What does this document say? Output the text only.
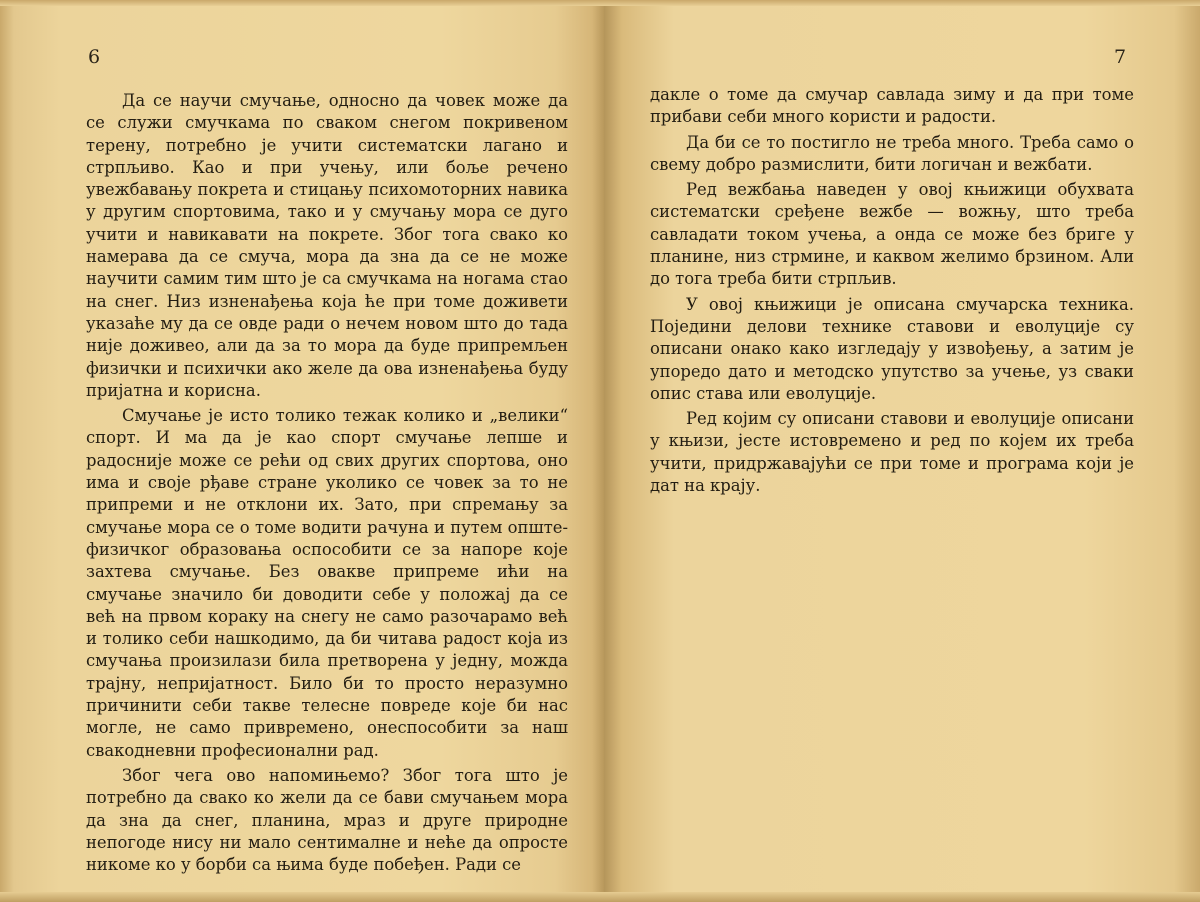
6

Да се научи смучање, односно да човек може да се служи смучкама по сваком снегом покривеном терену, потребно је учити систематски лагано и стрпљиво. Као и при учењу, или боље речено увежбавању покрета и стицању психомоторних навика у другим спортовима, тако и у смучању мора се дуго учити и навикавати на покрете. Због тога свако ко намерава да се смуча, мора да зна да се не може научити самим тим што је са смучкама на ногама стао на снег. Низ изненађења која ће при томе доживети указаће му да се овде ради о нечем новом што до тада није доживео, али да за то мора да буде припремљен физички и психички ако желе да ова изненађења буду пријатна и корисна.

Смучање је исто толико тежак колико и „велики“ спорт. И ма да је као спорт смучање лепше и радосније може се рећи од свих других спортова, оно има и своје рђаве стране уколико се човек за то не припреми и не отклони их. Зато, при спремању за смучање мора се о томе водити рачуна и путем опште-физичког образовања оспособити се за напоре које захтева смучање. Без овакве припреме ићи на смучање значило би доводити себе у положај да се већ на првом кораку на снегу не само разочарамо већ и толико себи нашкодимо, да би читава радост која из смучања произилази била претворена у једну, можда трајну, непријатност. Било би то просто неразумно причинити себи такве телесне повреде које би нас могле, не само привремено, онеспособити за наш свакодневни професионални рад.

Због чега ово напомињемо? Због тога што је потребно да свако ко жели да се бави смучањем мора да зна да снег, планина, мраз и друге природне непогоде нису ни мало сентималне и неће да опросте никоме ко у борби са њима буде побеђен. Ради се

7

дакле о томе да смучар савлада зиму и да при томе прибави себи много користи и радости.

Да би се то постигло не треба много. Треба само о свему добро размислити, бити логичан и вежбати.

Ред вежбања наведен у овој књижици обухвата систематски сређене вежбе — вожњу, што треба савладати током учења, а онда се може без бриге у планине, низ стрмине, и каквом желимо брзином. Али до тога треба бити стрпљив.

У овој књижици је описана смучарска техника. Поједини делови технике ставови и еволуције су описани онако како изгледају у извођењу, а затим је упоредо дато и методско упутство за учење, уз сваки опис става или еволуције.

Ред којим су описани ставови и еволуције описани у књизи, јесте истовремено и ред по којем их треба учити, придржавајући се при томе и програма који је дат на крају.
